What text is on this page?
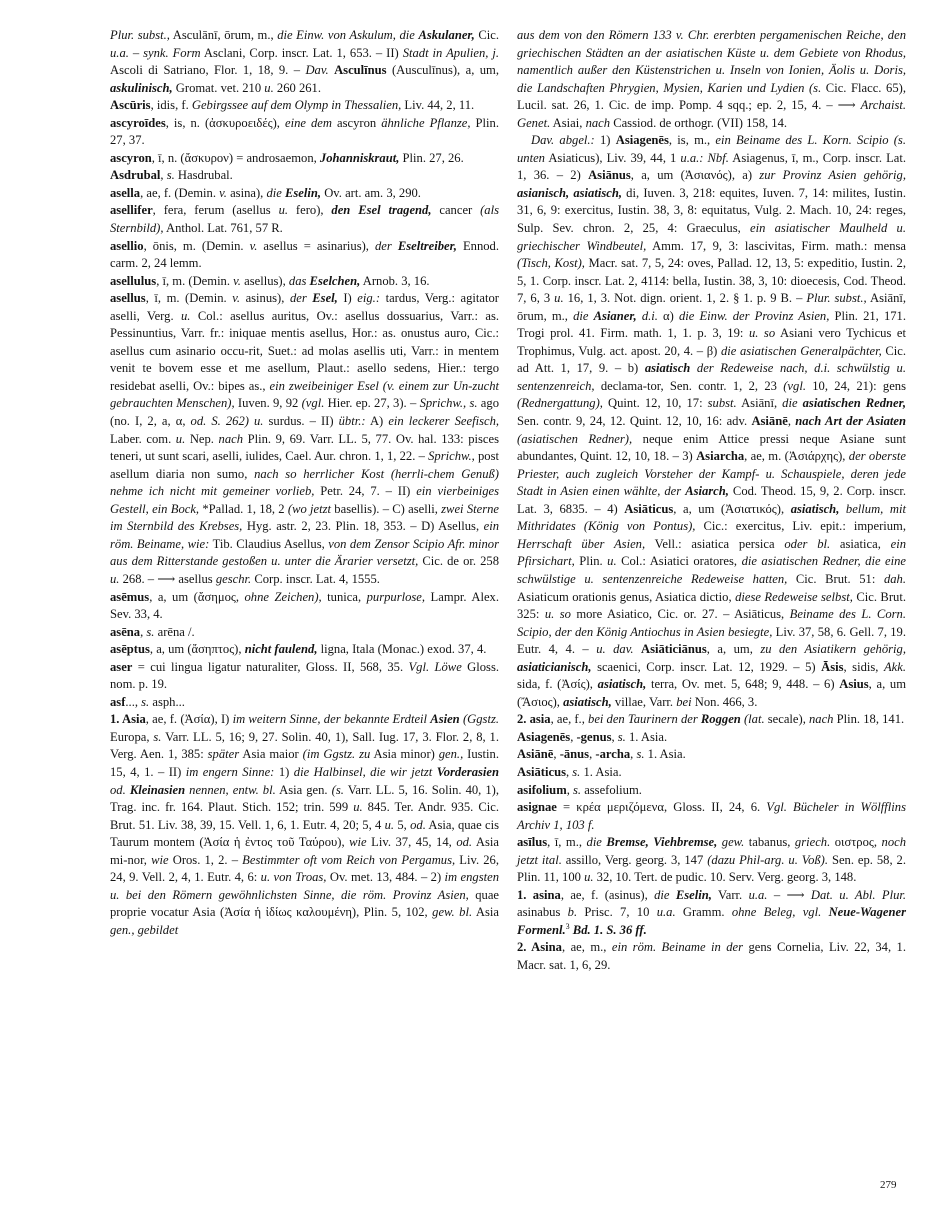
Plur. subst., Asculānī, ōrum, m., die Einw. von Askulum, die Askulaner, Cic. u.a. – synk. Form Asclani, Corp. inscr. Lat. 1, 653. – II) Stadt in Apulien, j. Ascoli di Satriano, Flor. 1, 18, 9. – Dav. Asculīnus (Ausculīnus), a, um, askulinisch, Gromat. vet. 210 u. 260 261.

Ascūris, idis, f. Gebirgssee auf dem Olymp in Thessalien, Liv. 44, 2, 11.

ascyroīdes, is, n. (ἀσκυροειδές), eine dem ascyron ähnliche Pflanze, Plin. 27, 37.

ascyron, ī, n. (ἄσκυρον) = androsaemon, Johanniskraut, Plin. 27, 26.

Asdrubal, s. Hasdrubal.

asella, ae, f. (Demin. v. asina), die Eselin, Ov. art. am. 3, 290.

asellifer, fera, ferum (asellus u. fero), den Esel tragend, cancer (als Sternbild), Anthol. Lat. 761, 57 R.

asellio, ōnis, m. (Demin. v. asellus = asinarius), der Eseltreiber, Ennod. carm. 2, 24 lemm.

asellulus, ī, m. (Demin. v. asellus), das Eselchen, Arnob. 3, 16.

asellus, ī, m. (Demin. v. asinus), der Esel, I) eig.: tardus, Verg.: agitator aselli, Verg. u. Col.: asellus auritus, Ov.: asellus dossuarius, Varr.: as. Pessinuntius, Varr. fr.: iniquae mentis asellus, Hor.: as. onustus auro, Cic.: asellus cum asinario occu-rit, Suet.: ad molas asellis uti, Varr.: in mentem venit te bovem esse et me asellum, Plaut.: asello sedens, Hier.: tergo residebat aselli, Ov.: bipes as., ein zweibeiniger Esel (v. einem zur Un-zucht gebrauchten Menschen), Iuven. 9, 92 (vgl. Hier. ep. 27, 3). – Sprichw., s. ago (no. I, 2, a, α, od. S. 262) u. surdus. – II) übtr.: A) ein leckerer Seefisch, Laber. com. u. Nep. nach Plin. 9, 69. Varr. LL. 5, 77. Ov. hal. 133: pisces teneri, ut sunt scari, aselli, iulides, Cael. Aur. chron. 1, 1, 22. – Sprichw., post asellum diaria non sumo, nach so herrlicher Kost (herrli-chem Genuß) nehme ich nicht mit gemeiner vorlieb, Petr. 24, 7. – II) ein vierbeiniges Gestell, ein Bock, *Pallad. 1, 18, 2 (wo jetzt basellis). – C) aselli, zwei Sterne im Sternbild des Krebses, Hyg. astr. 2, 23. Plin. 18, 353. – D) Asellus, ein röm. Beiname, wie: Tib. Claudius Asellus, von dem Zensor Scipio Afr. minor aus dem Ritterstande gestoßen u. unter die Ärarier versetzt, Cic. de or. 258 u. 268. – ⟶ asellus geschr. Corp. inscr. Lat. 4, 1555.

asēmus, a, um (ἄσημος, ohne Zeichen), tunica, purpurlose, Lampr. Alex. Sev. 33, 4.

asēna, s. arēna /.

asēptus, a, um (ἄσηπτος), nicht faulend, ligna, Itala (Monac.) exod. 37, 4.

aser = cui lingua ligatur naturaliter, Gloss. II, 568, 35. Vgl. Löwe Gloss. nom. p. 19.

asf..., s. asph...

1. Asia, ae, f. (Ἀσία), I) im weitern Sinne, der bekannte Erdteil Asien (Ggstz. Europa, s. Varr. LL. 5, 16; 9, 27. Solin. 40, 1), Sall. Iug. 17, 3. Flor. 2, 8, 1. Verg. Aen. 1, 385: später Asia maior (im Ggstz. zu Asia minor) gen., Iustin. 15, 4, 1. – II) im engern Sinne: 1) die Halbinsel, die wir jetzt Vorderasien od. Kleinasien nennen, entw. bl. Asia gen. (s. Varr. LL. 5, 16. Solin. 40, 1), Trag. inc. fr. 164. Plaut. Stich. 152; trin. 599 u. 845. Ter. Andr. 935. Cic. Brut. 51. Liv. 38, 39, 15. Vell. 1, 6, 1. Eutr. 4, 20; 5, 4 u. 5, od. Asia, quae cis Taurum montem (Ἀσία ἡ ἐντος τοῦ Ταύρου), wie Liv. 37, 45, 14, od. Asia mi-nor, wie Oros. 1, 2. – Bestimmter oft vom Reich von Pergamus, Liv. 26, 24, 9. Vell. 2, 4, 1. Eutr. 4, 6: u. von Troas, Ov. met. 13, 484. – 2) im engsten u. bei den Römern gewöhnlichsten Sinne, die röm. Provinz Asien, quae proprie vocatur Asia (Ἀσία ἡ ἰδίως καλουμένη), Plin. 5, 102, gew. bl. Asia gen., gebildet

aus dem von den Römern 133 v. Chr. ererbten pergamenischen Reiche, den griechischen Städten an der asiatischen Küste u. dem Gebiete von Rhodus, namentlich außer den Küstenstrichen u. Inseln von Ionien, Äolis u. Doris, die Landschaften Phrygien, Mysien, Karien und Lydien (s. Cic. Flacc. 65), Lucil. sat. 26, 1. Cic. de imp. Pomp. 4 sqq.; ep. 2, 15, 4. – ⟶ Archaist. Genet. Asiai, nach Cassiod. de orthogr. (VII) 158, 14.

Dav. abgel.: 1) Asiagenēs, is, m., ein Beiname des L. Korn. Scipio (s. unten Asiaticus), Liv. 39, 44, 1 u.a.: Nbf. Asiagenus, ī, m., Corp. inscr. Lat. 1, 36. – 2) Asiānus, a, um (Ἀσιανός), a) zur Provinz Asien gehörig, asianisch, asiatisch, di, Iuven. 3, 218: equites, Iuven. 7, 14: milites, Iustin. 31, 6, 9: exercitus, Iustin. 38, 3, 8: equitatus, Vulg. 2. Mach. 10, 24: reges, Sulp. Sev. chron. 2, 25, 4: Graeculus, ein asiatischer Maulheld u. griechischer Windbeutel, Amm. 17, 9, 3: lascivitas, Firm. math.: mensa (Tisch, Kost), Macr. sat. 7, 5, 24: oves, Pallad. 12, 13, 5: expeditio, Iustin. 2, 5, 1. Corp. inscr. Lat. 2, 4114: bella, Iustin. 38, 3, 10: dioecesis, Cod. Theod. 7, 6, 3 u. 16, 1, 3. Not. dign. orient. 1, 2. § 1. p. 9 B. – Plur. subst., Asiānī, ōrum, m., die Asianer, d.i. α) die Einw. der Provinz Asien, Plin. 21, 171. Trogi prol. 41. Firm. math. 1, 1. p. 3, 19: u. so Asiani vero Tychicus et Trophimus, Vulg. act. apost. 20, 4. – β) die asiatischen Generalpächter, Cic. ad Att. 1, 17, 9. – b) asiatisch der Redeweise nach, d.i. schwülstig u. sentenzenreich, declama-tor, Sen. contr. 1, 2, 23 (vgl. 10, 24, 21): gens (Rednergattung), Quint. 12, 10, 17: subst. Asiānī, die asiatischen Redner, Sen. contr. 9, 24, 12. Quint. 12, 10, 16: adv. Asiānē, nach Art der Asiaten (asiatischen Redner), neque enim Attice pressi neque Asiane sunt abundantes, Quint. 12, 10, 18. – 3) Asiarcha, ae, m. (Ἀσιάρχης), der oberste Priester, auch zugleich Vorsteher der Kampf- u. Schauspiele, deren jede Stadt in Asien einen wählte, der Asiarch, Cod. Theod. 15, 9, 2. Corp. inscr. Lat. 3, 6835. – 4) Asiāticus, a, um (Ἀσιατικός), asiatisch, bellum, mit Mithridates (König von Pontus), Cic.: exercitus, Liv. epit.: imperium, Herrschaft über Asien, Vell.: asiatica persica oder bl. asiatica, ein Pfirsichart, Plin. u. Col.: Asiatici oratores, die asiatischen Redner, die eine schwülstige u. sentenzenreiche Redeweise hatten, Cic. Brut. 51: dah. Asiaticum orationis genus, Asiatica dictio, diese Redeweise selbst, Cic. Brut. 325: u. so more Asiatico, Cic. or. 27. – Asiāticus, Beiname des L. Corn. Scipio, der den König Antiochus in Asien besiegte, Liv. 37, 58, 6. Gell. 7, 19. Eutr. 4, 4. – u. dav. Asiāticiānus, a, um, zu den Asiatikern gehörig, asiaticianisch, scaenici, Corp. inscr. Lat. 12, 1929. – 5) Āsis, sidis, Akk. sida, f. (Ἀσίς), asiatisch, terra, Ov. met. 5, 648; 9, 448. – 6) Asius, a, um (Ἄσιος), asiatisch, villae, Varr. bei Non. 466, 3.

2. asia, ae, f., bei den Taurinern der Roggen (lat. secale), nach Plin. 18, 141.

Asiagenēs, -genus, s. 1. Asia.

Asiānē, -ānus, -archa, s. 1. Asia.

Asiāticus, s. 1. Asia.

asifolium, s. assefolium.

asignae = κρέα μεριζόμενα, Gloss. II, 24, 6. Vgl. Bücheler in Wölfflins Archiv 1, 103 f.

asīlus, ī, m., die Bremse, Viehbremse, gew. tabanus, griech. οιστρος, noch jetzt ital. assillo, Verg. georg. 3, 147 (dazu Phil-arg. u. Voß). Sen. ep. 58, 2. Plin. 11, 100 u. 32, 10. Tert. de pudic. 10. Serv. Verg. georg. 3, 148.

1. asina, ae, f. (asinus), die Eselin, Varr. u.a. – ⟶ Dat. u. Abl. Plur. asinabus b. Prisc. 7, 10 u.a. Gramm. ohne Beleg, vgl. Neue-Wagener Formenl.$^3$ Bd. 1. S. 36 ff.

2. Asina, ae, m., ein röm. Beiname in der gens Cornelia, Liv. 22, 34, 1. Macr. sat. 1, 6, 29.

279
